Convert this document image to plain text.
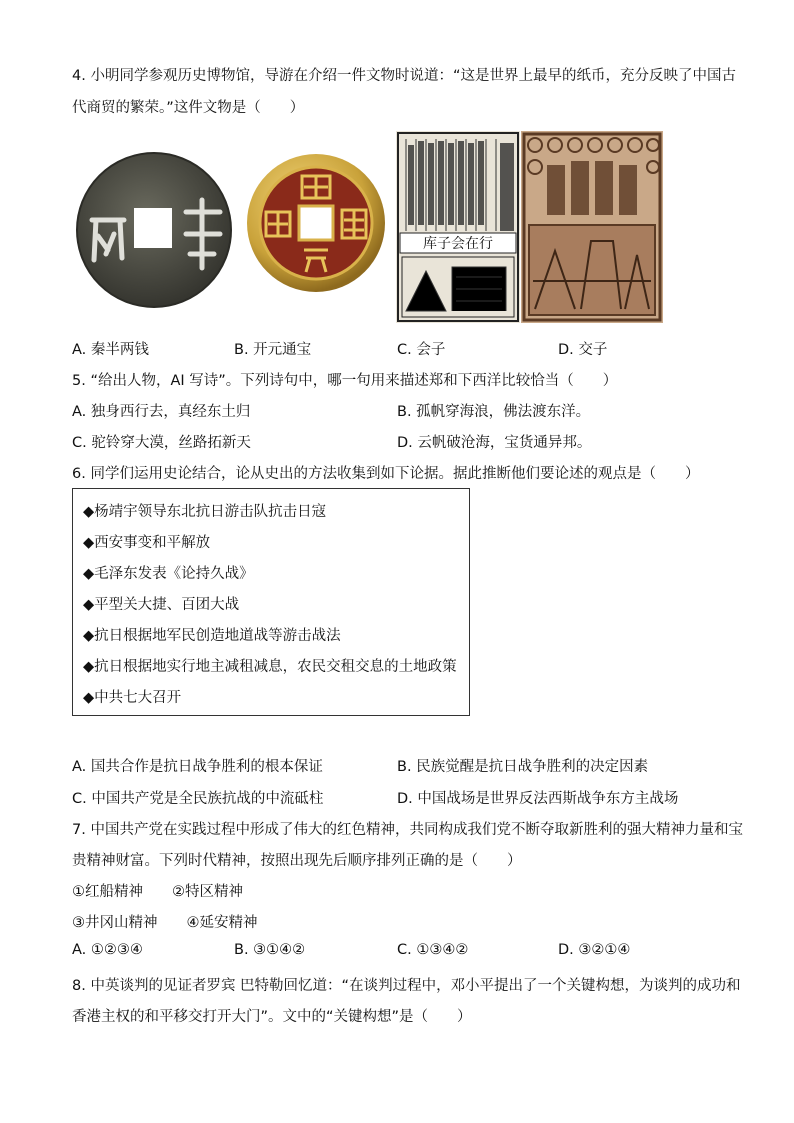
4. 小明同学参观历史博物馆，导游在介绍一件文物时说道：“这是世界上最早的纸币，充分反映了中国古
代商贸的繁荣。”这件文物是（　　）
库子会在行
A. 秦半两钱	B. 开元通宝	C. 会子	D. 交子
5. “给出人物，AI 写诗”。下列诗句中，哪一句用来描述郑和下西洋比较恰当（　　）
A. 独身西行去，真经东土归	B. 孤帆穿海浪，佛法渡东洋。
C. 驼铃穿大漠，丝路拓新天	D. 云帆破沧海，宝货通异邦。
6. 同学们运用史论结合，论从史出的方法收集到如下论据。据此推断他们要论述的观点是（　　）
◆杨靖宇领导东北抗日游击队抗击日寇
◆西安事变和平解放
◆毛泽东发表《论持久战》
◆平型关大捷、百团大战
◆抗日根据地军民创造地道战等游击战法
◆抗日根据地实行地主减租减息，农民交租交息的土地政策
◆中共七大召开
A. 国共合作是抗日战争胜利的根本保证	B. 民族觉醒是抗日战争胜利的决定因素
C. 中国共产党是全民族抗战的中流砥柱	D. 中国战场是世界反法西斯战争东方主战场
7. 中国共产党在实践过程中形成了伟大的红色精神，共同构成我们党不断夺取新胜利的强大精神力量和宝
贵精神财富。下列时代精神，按照出现先后顺序排列正确的是（　　）
①红船精神　　②特区精神
③井冈山精神　　④延安精神
A. ①②③④	B. ③①④②	C. ①③④②	D. ③②①④
8. 中英谈判的见证者罗宾 巴特勒回忆道：“在谈判过程中，邓小平提出了一个关键构想，为谈判的成功和
香港主权的和平移交打开大门”。文中的“关键构想”是（　　）
